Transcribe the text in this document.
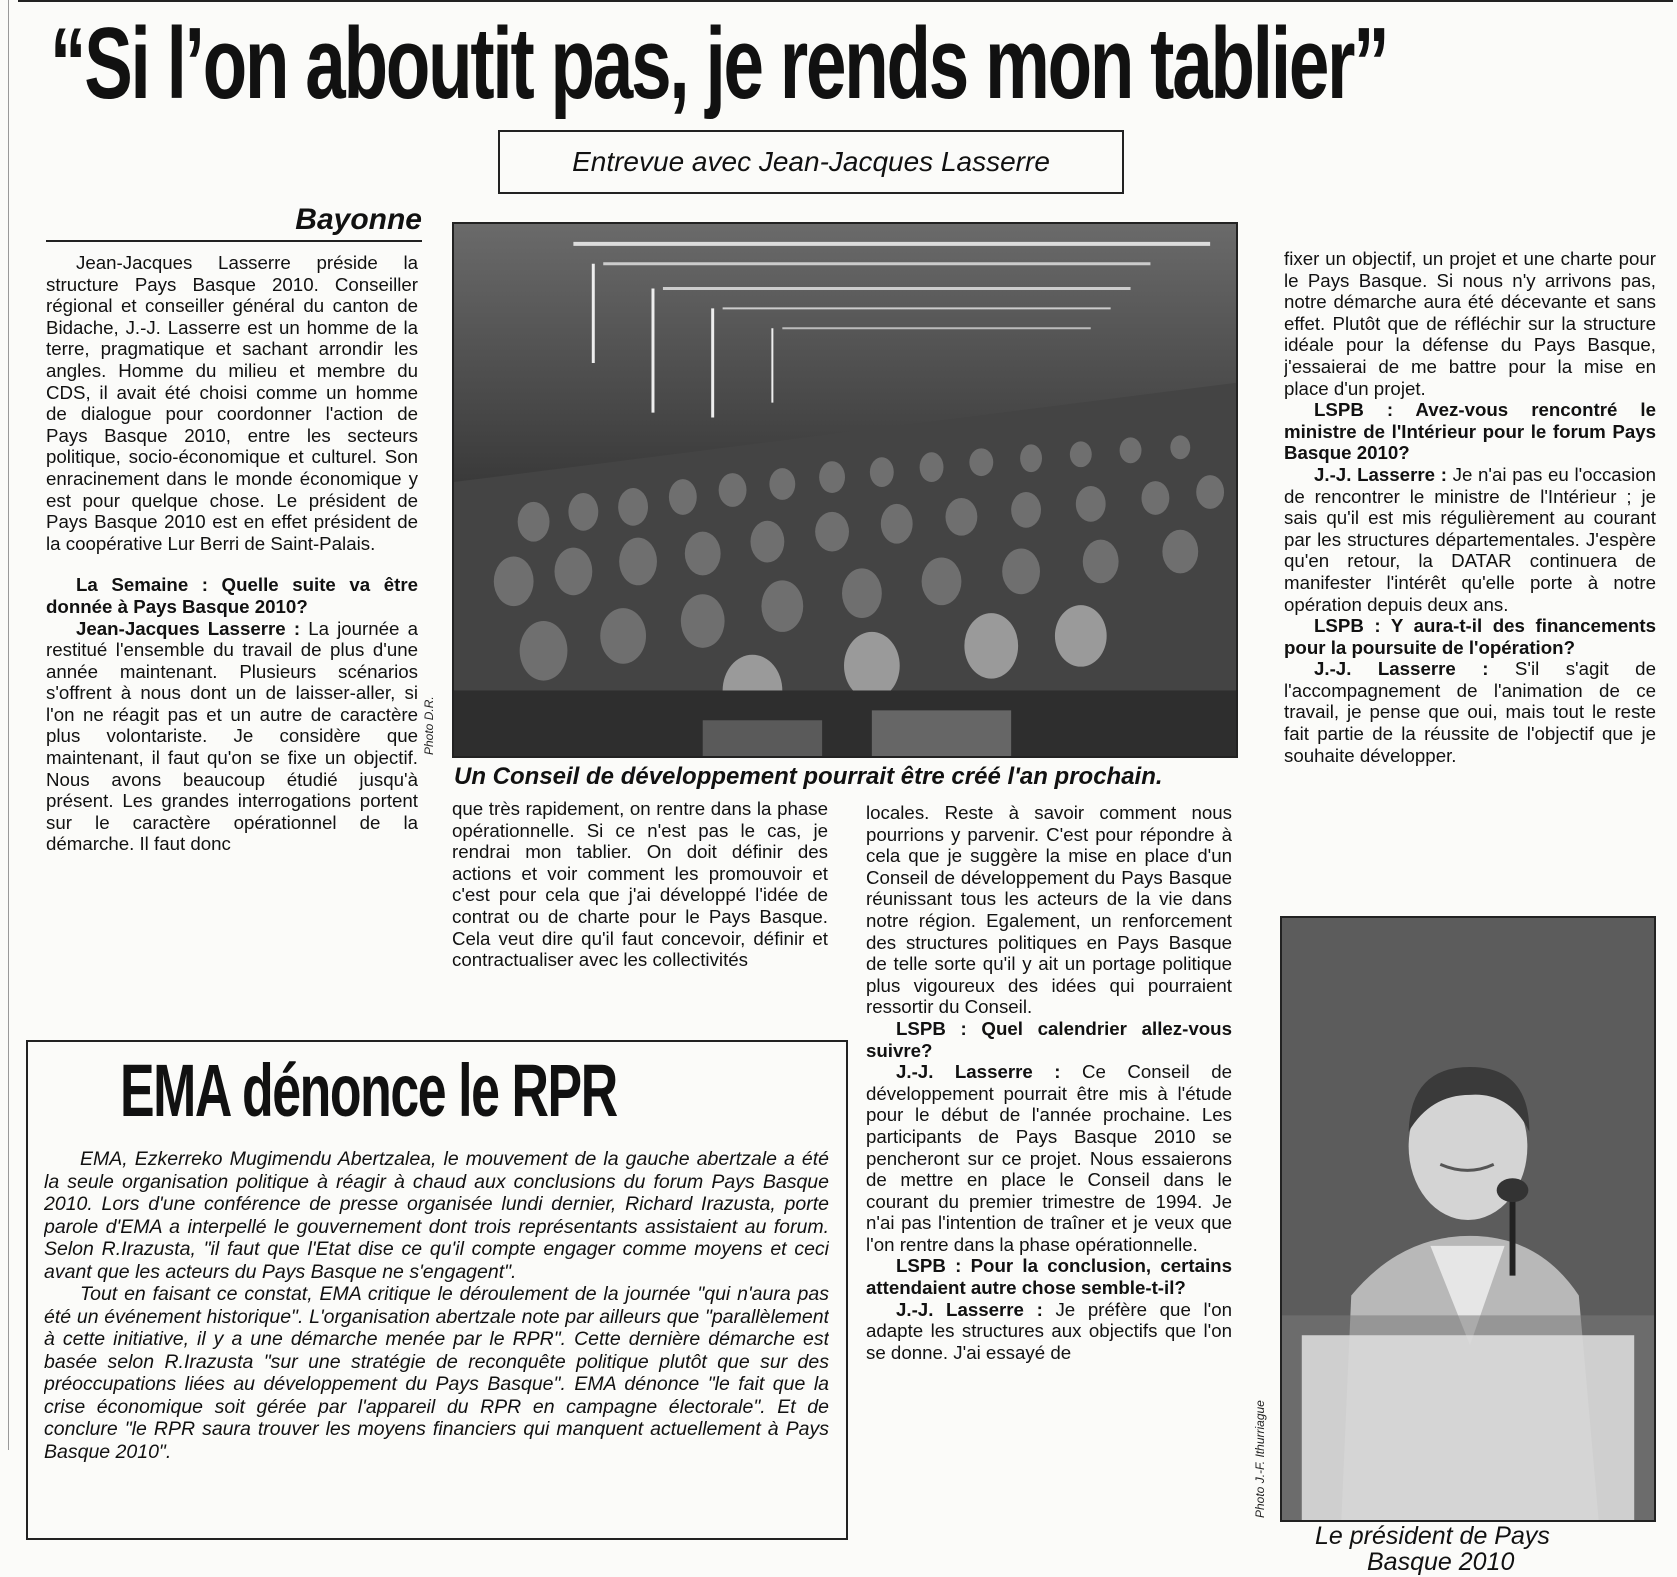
“Si l’on aboutit pas, je rends mon tablier”
Entrevue avec Jean-Jacques Lasserre
Bayonne
Photo D.R.
Un Conseil de développement pourrait être créé l'an prochain.
Photo J.-F. Ithurriague
Le président de Pays
Basque 2010

Jean-Jacques Lasserre préside la structure Pays Basque 2010. Conseiller régional et conseiller général du canton de Bidache, J.-J. Lasserre est un homme de la terre, pragmatique et sachant arrondir les angles. Homme du milieu et membre du CDS, il avait été choisi comme un homme de dialogue pour coordonner l'action de Pays Basque 2010, entre les secteurs politique, socio-économique et culturel. Son enracinement dans le monde économique y est pour quelque chose. Le président de Pays Basque 2010 est en effet président de la coopérative Lur Berri de Saint-Palais.

La Semaine : Quelle suite va être donnée à Pays Basque 2010?

Jean-Jacques Lasserre : La journée a restitué l'ensemble du travail de plus d'une année maintenant. Plusieurs scénarios s'offrent à nous dont un de laisser-aller, si l'on ne réagit pas et un autre de caractère plus volontariste. Je considère que maintenant, il faut qu'on se fixe un objectif. Nous avons beaucoup étudié jusqu'à présent. Les grandes interrogations portent sur le caractère opérationnel de la démarche. Il faut donc

que très rapidement, on rentre dans la phase opérationnelle. Si ce n'est pas le cas, je rendrai mon tablier. On doit définir des actions et voir comment les promouvoir et c'est pour cela que j'ai développé l'idée de contrat ou de charte pour le Pays Basque. Cela veut dire qu'il faut concevoir, définir et contractualiser avec les collectivités

locales. Reste à savoir comment nous pourrions y parvenir. C'est pour répondre à cela que je suggère la mise en place d'un Conseil de développement du Pays Basque réunissant tous les acteurs de la vie dans notre région. Egalement, un renforcement des structures politiques en Pays Basque de telle sorte qu'il y ait un portage politique plus vigoureux des idées qui pourraient ressortir du Conseil.

LSPB : Quel calendrier allez-vous suivre?

J.-J. Lasserre : Ce Conseil de développement pourrait être mis à l'étude pour le début de l'année prochaine. Les participants de Pays Basque 2010 se pencheront sur ce projet. Nous essaierons de mettre en place le Conseil dans le courant du premier trimestre de 1994. Je n'ai pas l'intention de traîner et je veux que l'on rentre dans la phase opérationnelle.

LSPB : Pour la conclusion, certains attendaient autre chose semble-t-il?

J.-J. Lasserre : Je préfère que l'on adapte les structures aux objectifs que l'on se donne. J'ai essayé de

fixer un objectif, un projet et une charte pour le Pays Basque. Si nous n'y arrivons pas, notre démarche aura été décevante et sans effet. Plutôt que de réfléchir sur la structure idéale pour la défense du Pays Basque, j'essaierai de me battre pour la mise en place d'un projet.

LSPB : Avez-vous rencontré le ministre de l'Intérieur pour le forum Pays Basque 2010?

J.-J. Lasserre : Je n'ai pas eu l'occasion de rencontrer le ministre de l'Intérieur ; je sais qu'il est mis régulièrement au courant par les structures départementales. J'espère qu'en retour, la DATAR continuera de manifester l'intérêt qu'elle porte à notre opération depuis deux ans.

LSPB : Y aura-t-il des financements pour la poursuite de l'opération?

J.-J. Lasserre : S'il s'agit de l'accompagnement de l'animation de ce travail, je pense que oui, mais tout le reste fait partie de la réussite de l'objectif que je souhaite développer.

EMA dénonce le RPR

EMA, Ezkerreko Mugimendu Abertzalea, le mouvement de la gauche abertzale a été la seule organisation politique à réagir à chaud aux conclusions du forum Pays Basque 2010. Lors d'une conférence de presse organisée lundi dernier, Richard Irazusta, porte parole d'EMA a interpellé le gouvernement dont trois représentants assistaient au forum. Selon R.Irazusta, "il faut que l'Etat dise ce qu'il compte engager comme moyens et ceci avant que les acteurs du Pays Basque ne s'engagent".

Tout en faisant ce constat, EMA critique le déroulement de la journée "qui n'aura pas été un événement historique". L'organisation abertzale note par ailleurs que "parallèlement à cette initiative, il y a une démarche menée par le RPR". Cette dernière démarche est basée selon R.Irazusta "sur une stratégie de reconquête politique plutôt que sur des préoccupations liées au développement du Pays Basque". EMA dénonce "le fait que la crise économique soit gérée par l'appareil du RPR en campagne électorale". Et de conclure "le RPR saura trouver les moyens financiers qui manquent actuellement à Pays Basque 2010".
